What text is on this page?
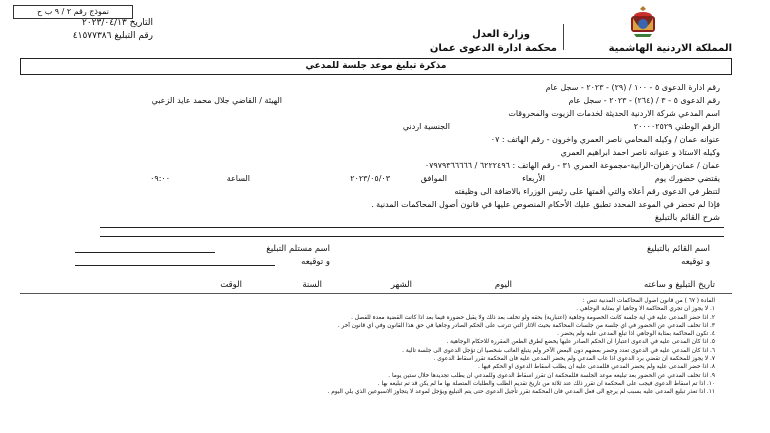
المملكة الاردنية الهاشمية
وزارة العدل
محكمة ادارة الدعوى عمان
نموذج رقم ٢ / ٩ ب ح
التاريخ ٢٠٢٣/٠٤/١٣
رقم التبليغ ٤١٥٧٧٣٨٦
مذكرة تبليغ موعد جلسة للمدعي
رقم ادارة الدعوى ٥ - ١٠٠ / (٢٩) - ٢٠٢٣ - سجل عام
رقم الدعوى ٥ - ٣ / (٢٦٤) - ٢٠٢٣ - سجل عام
الهيئة / القاضي جلال محمد عايد الزعبي
اسم المدعي شركة الاردنية الحديثة لخدمات الزيوت والمحروقات
الرقم الوطني ٢٠٠٠٠٢٥٢٩
الجنسية اردني
عنوانه عمان / وكيله المحامي ناصر العمري واخرون - رقم الهاتف : ٠٧
وكيله الاستاذ و عنوانه ناصر احمد ابراهيم العمري
عمان / عمان-زهران-الرابية-مجموعة العمري ٣١ - رقم الهاتف : ٦٢٢٢٤٩٦ / ٠٧٩٧٩٣٦٦٦٦٦
يقتضي حضورك يوم
الأربعاء
الموافق
٢٠٢٣/٠٥/٠٣
الساعة
٠٩:٠٠
لتنظر في الدعوى رقم أعلاه والتي أقمتها على رئيس الوزراء بالاضافة الى وظيفته
فإذا لم تحضر في الموعد المحدد تطبق عليك الأحكام المنصوص عليها في قانون أصول المحاكمات المدنية .
شرح القائم بالتبليغ
اسم القائم بالتبليغ
و توقيعه
اسم مستلم التبليغ
و توقيعه
تاريخ التبليغ و ساعته
اليوم
الشهر
السنة
الوقت
المادة ( ٦٧ ) من قانون اصول المحاكمات المدنية تنص :
١. لا يجوز ان تجري المحاكمة الا وجاهيا او بمثابة الوجاهي .
٢. اذا حضر المدعى عليه في اية جلسة كانت الخصومة وجاهية (اعتبارية) بحقه ولو تخلف بعد ذلك ولا يقبل حضوره فيما بعد اذا كانت القضية معدة للفصل .
٣. اذا تخلف المدعي عن الحضور في اي جلسة من جلسات المحاكمة بحيث الاثار التي تترتب على الحكم الصادر وجاهيا في حق هذا القانون وفي اي قانون آخر .
٤. تكون المحاكمة بمثابة الوجاهي اذا تبلغ المدعى عليه ولم يحضر .
٥. اذا كان المدعى عليه في الدعوى اعتبارا ان الحكم الصادر عليها يخضع لطرق الطعن المقررة للاحكام الوجاهية .
٦. اذا كان المدعي عليه في الدعوى تعدد وحضر بعضهم دون البعض الآخر ولم يتبلغ الغائب شخصيا ان تؤجل الدعوى الى جلسة تالية .
٧. لا يجوز للمحكمة ان تقضي برد الدعوى اذا غاب المدعي ولم يحضر المدعى عليه فان المحكمة تقرر اسقاط الدعوى .
٨. اذا حضر المدعى عليه ولم يحضر المدعي فللمدعى عليه ان يطلب اسقاط الدعوى او الحكم فيها .
٩. اذا تخلف المدعي عن الحضور بعد تبليغه موعد الجلسة فللمحكمة ان تقرر اسقاط الدعوى وللمدعي ان يطلب تجديدها خلال ستين يوما .
١٠. اذا تم اسقاط الدعوى فيجب على المحكمة ان تقرر ذلك عند ثلاثة من تاريخ تقديم الطلب والطلبات المتصلة بها ما لم يكن قد تم تبليغه بها .
١١. اذا تعذر تبليغ المدعى عليه بسبب لم يرجع الى فعل المدعي فان المحكمة تقرر تأجيل الدعوى حتى يتم التبليغ ويؤجل لموعد لا يتجاوز الاسبوعين الذي يلي اليوم .
